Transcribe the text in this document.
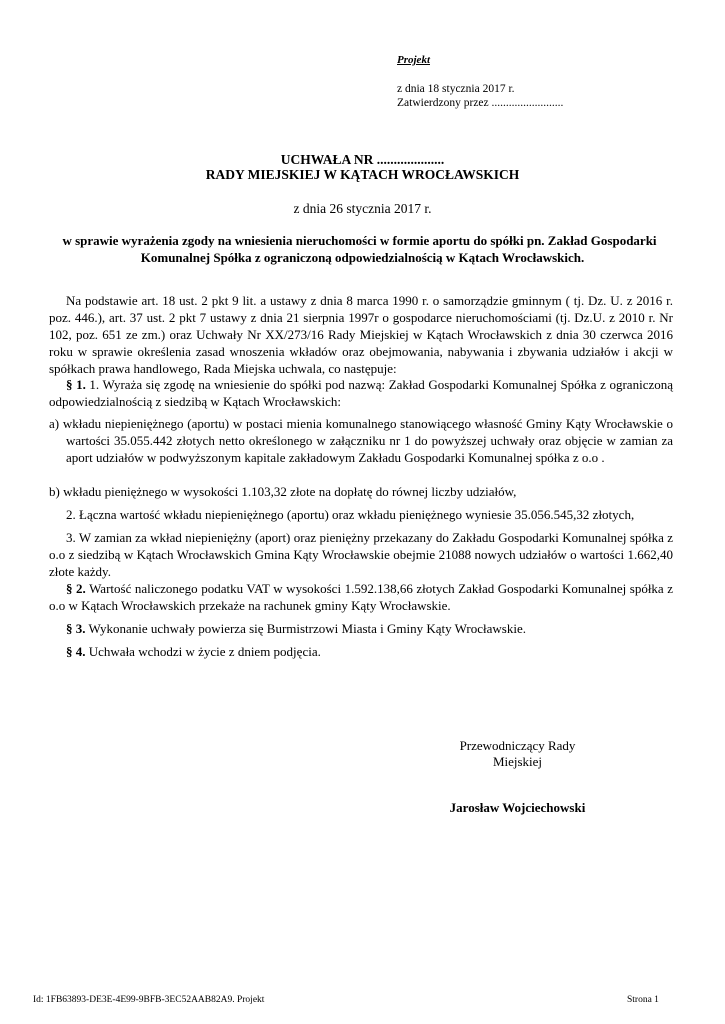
Projekt
z dnia 18 stycznia 2017 r.
Zatwierdzony przez .........................
UCHWAŁA NR ....................
RADY MIEJSKIEJ W KĄTACH WROCŁAWSKICH
z dnia 26 stycznia 2017 r.
w sprawie wyrażenia zgody na wniesienia nieruchomości w formie aportu do spółki pn. Zakład Gospodarki
Komunalnej Spółka z ograniczoną odpowiedzialnością w Kątach Wrocławskich.
Na podstawie art. 18 ust. 2 pkt 9 lit. a ustawy z dnia 8 marca 1990 r. o samorządzie gminnym ( tj. Dz. U. z 2016 r. poz. 446.), art. 37 ust. 2 pkt 7 ustawy z dnia 21 sierpnia 1997r o gospodarce nieruchomościami (tj. Dz.U. z 2010 r. Nr 102, poz. 651 ze zm.) oraz Uchwały Nr XX/273/16 Rady Miejskiej w Kątach Wrocławskich z dnia 30 czerwca 2016 roku w sprawie określenia zasad wnoszenia wkładów oraz obejmowania, nabywania i zbywania udziałów i akcji w spółkach prawa handlowego, Rada Miejska uchwala, co następuje:
§ 1. 1. Wyraża się zgodę na wniesienie do spółki pod nazwą: Zakład Gospodarki Komunalnej Spółka z ograniczoną odpowiedzialnością z siedzibą w Kątach Wrocławskich:
a) wkładu niepieniężnego (aportu) w postaci mienia komunalnego stanowiącego własność Gminy Kąty Wrocławskie o wartości 35.055.442 złotych netto określonego w załączniku nr 1 do powyższej uchwały oraz objęcie w zamian za aport udziałów w podwyższonym kapitale zakładowym Zakładu Gospodarki Komunalnej spółka z o.o .
b) wkładu pieniężnego w wysokości 1.103,32 złote na dopłatę do równej liczby udziałów,
2. Łączna wartość wkładu niepieniężnego (aportu) oraz wkładu pieniężnego wyniesie 35.056.545,32 złotych,
3. W zamian za wkład niepieniężny (aport) oraz pieniężny przekazany do Zakładu Gospodarki Komunalnej spółka z o.o z siedzibą w Kątach Wrocławskich Gmina Kąty Wrocławskie obejmie 21088 nowych udziałów o wartości 1.662,40 złote każdy.
§ 2. Wartość naliczonego podatku VAT w wysokości 1.592.138,66 złotych Zakład Gospodarki Komunalnej spółka z o.o w Kątach Wrocławskich przekaże na rachunek gminy Kąty Wrocławskie.
§ 3. Wykonanie uchwały powierza się Burmistrzowi Miasta i Gminy Kąty Wrocławskie.
§ 4. Uchwała wchodzi w życie z dniem podjęcia.
Przewodniczący Rady
Miejskiej
Jarosław Wojciechowski
Id: 1FB63893-DE3E-4E99-9BFB-3EC52AAB82A9. Projekt	Strona 1
